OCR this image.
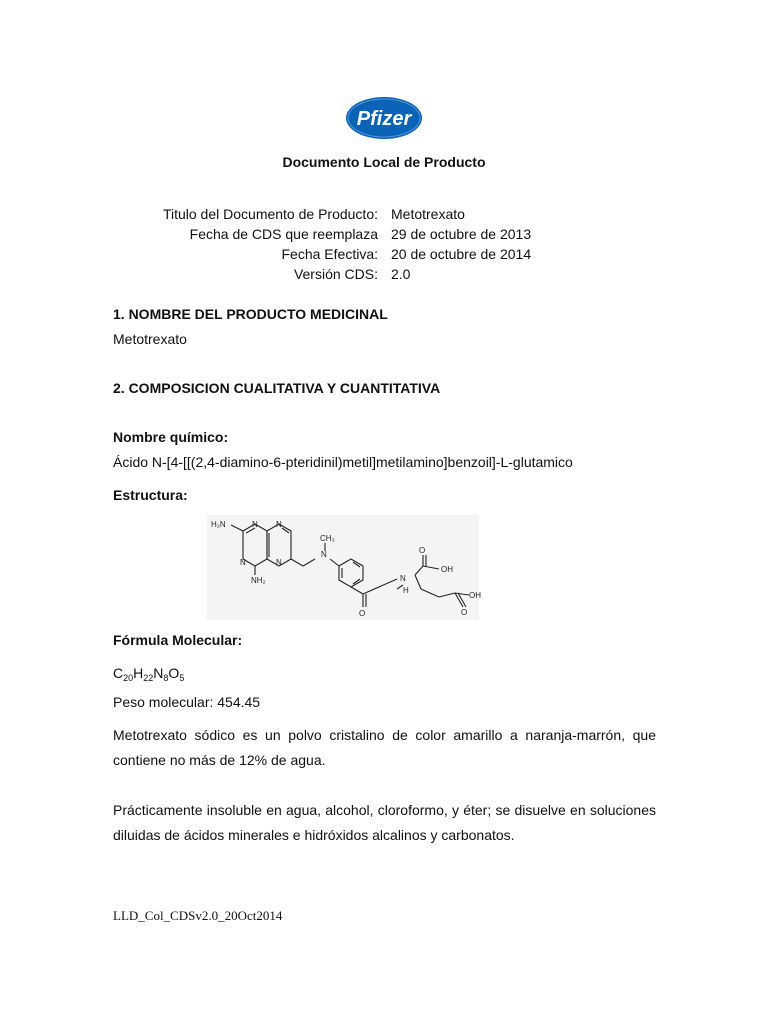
Pfizer
Documento Local de Producto
Titulo del Documento de Producto: Metotrexato
Fecha de CDS que reemplaza 29 de octubre de 2013
Fecha Efectiva: 20 de octubre de 2014
Versión CDS: 2.0
1. NOMBRE DEL PRODUCTO MEDICINAL
Metotrexato
2. COMPOSICION CUALITATIVA Y CUANTITATIVA
Nombre químico:
Ácido N-[4-[[(2,4-diamino-6-pteridinil)metil]metilamino]benzoil]-L-glutamico
Estructura:
H₂N	N N
N	N
NH₂
N
CH₃
N
H
O
OH
O
OH
O
Fórmula Molecular:
$C_{20}H_{22}N_8O_5$
Peso molecular: 454.45
Metotrexato sódico es un polvo cristalino de color amarillo a naranja-marrón, que contiene no más de 12% de agua.
Prácticamente insoluble en agua, alcohol, cloroformo, y éter; se disuelve en soluciones diluidas de ácidos minerales e hidróxidos alcalinos y carbonatos.
LLD_Col_CDSv2.0_20Oct2014
